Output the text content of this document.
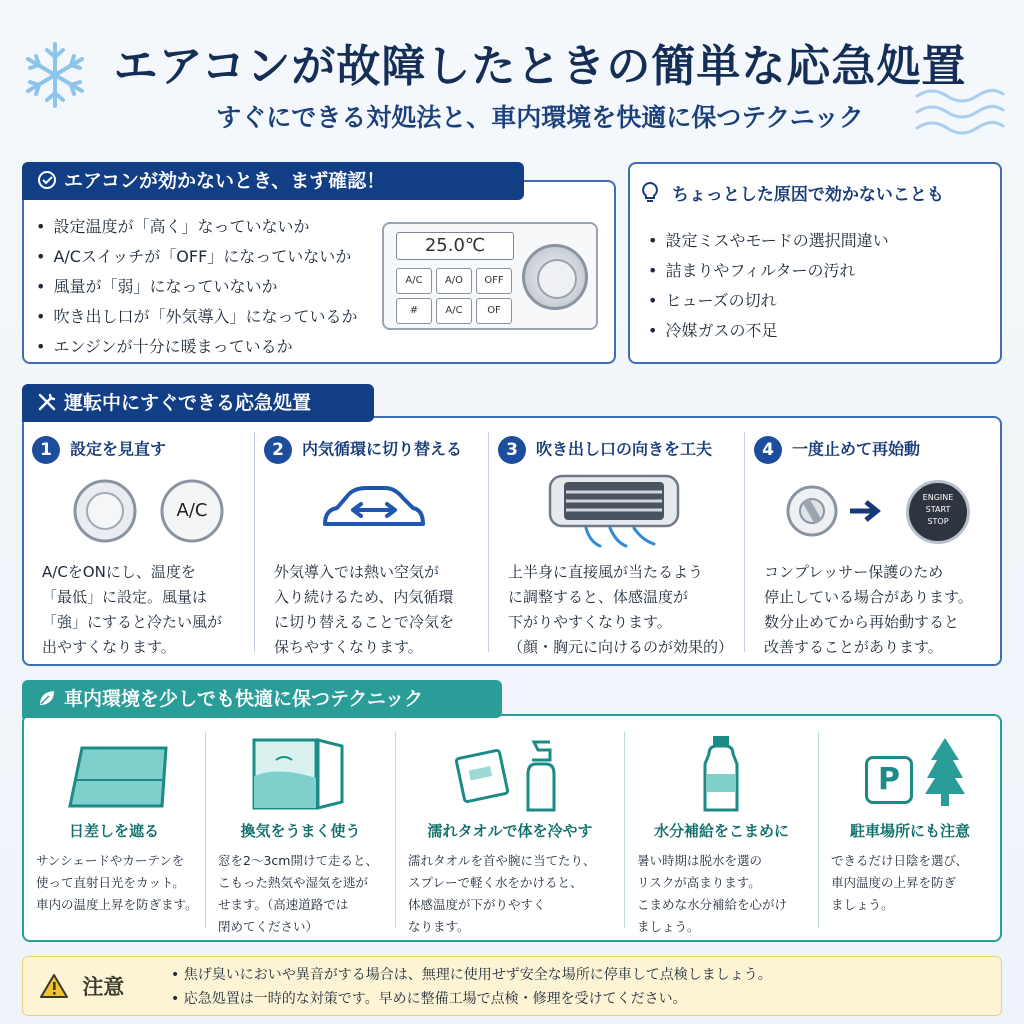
エアコンが故障したときの簡単な応急処置
すぐにできる対処法と、車内環境を快適に保つテクニック
エアコンが効かないとき、まず確認！
• 設定温度が「高く」なっていないか
• A/Cスイッチが「OFF」になっていないか
• 風量が「弱」になっていないか
• 吹き出し口が「外気導入」になっているか
• エンジンが十分に暖まっているか
25.0℃
A/C	A/O	OFF
#	A/C	OF
ちょっとした原因で効かないことも
• 設定ミスやモードの選択間違い
• 詰まりやフィルターの汚れ
• ヒューズの切れ
• 冷媒ガスの不足
運転中にすぐできる応急処置
1 設定を見直す
A/C
A/CをONにし、温度を
「最低」に設定。風量は
「強」にすると冷たい風が
出やすくなります。
2 内気循環に切り替える
外気導入では熱い空気が
入り続けるため、内気循環
に切り替えることで冷気を
保ちやすくなります。
3 吹き出し口の向きを工夫
上半身に直接風が当たるよう
に調整すると、体感温度が
下がりやすくなります。
（顔・胸元に向けるのが効果的）
4 一度止めて再始動
ENGINE
START
STOP
コンプレッサー保護のため
停止している場合があります。
数分止めてから再始動すると
改善することがあります。
車内環境を少しでも快適に保つテクニック
日差しを遮る
サンシェードやカーテンを
使って直射日光をカット。
車内の温度上昇を防ぎます。
換気をうまく使う
窓を2〜3cm開けて走ると、
こもった熱気や湿気を逃が
せます。（高速道路では
閉めてください）
濡れタオルで体を冷やす
濡れタオルを首や腕に当てたり、
スプレーで軽く水をかけると、
体感温度が下がりやすく
なります。
水分補給をこまめに
暑い時期は脱水を選の
リスクが高まります。
こまめな水分補給を心がけ
ましょう。
P
駐車場所にも注意
できるだけ日陰を選び、
車内温度の上昇を防ぎ
ましょう。
注意
•	焦げ臭いにおいや異音がする場合は、無理に使用せず安全な場所に停車して点検しましょう。
• 応急処置は一時的な対策です。早めに整備工場で点検・修理を受けてください。
